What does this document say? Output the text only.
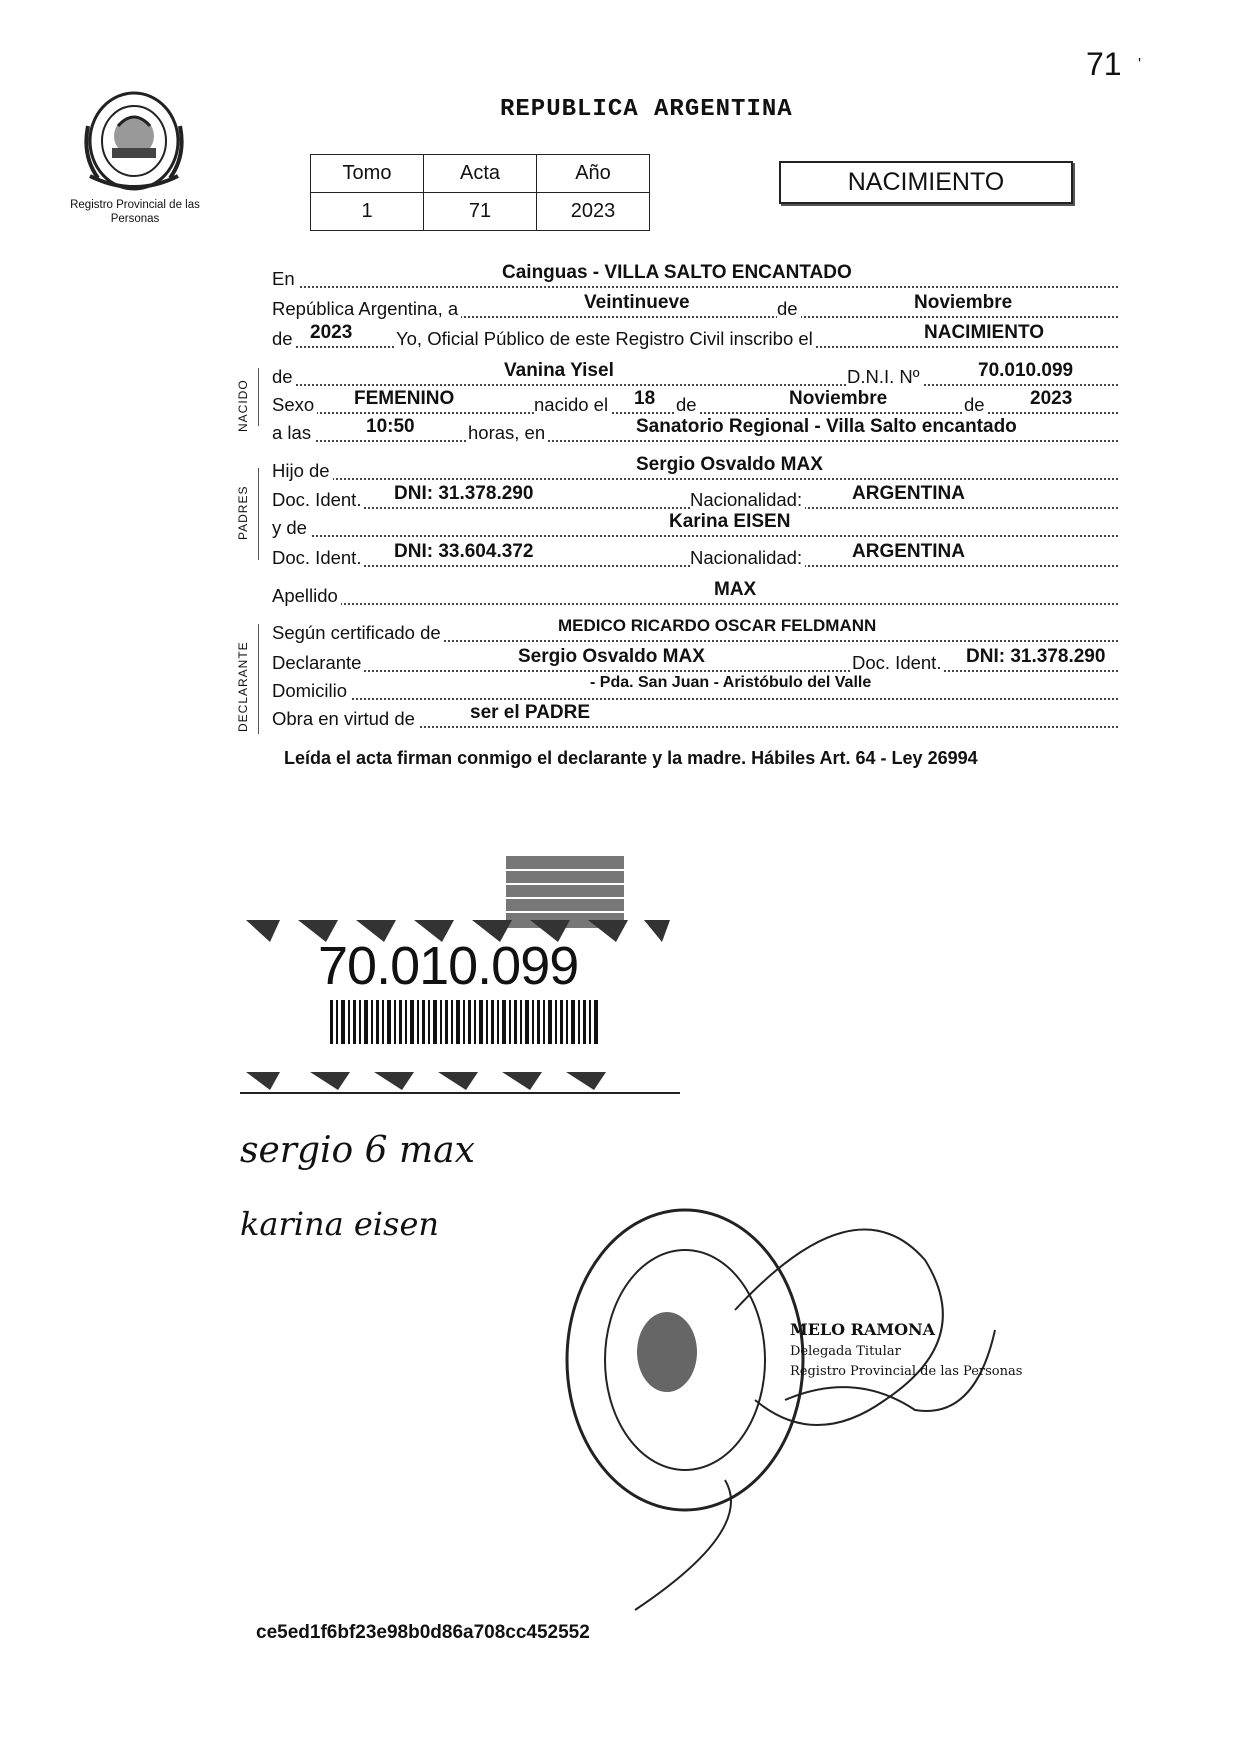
71 '
Registro Provincial de las Personas
REPUBLICA ARGENTINA
Tomo	Acta	Año
1	71	2023
NACIMIENTO
En	Cainguas - VILLA SALTO ENCANTADO
República Argentina, a	Veintinueve	de	Noviembre
de 2023 Yo, Oficial Público de este Registro Civil inscribo el	NACIMIENTO
de	Vanina Yisel	D.N.I. Nº	70.010.099
Sexo FEMENINO	nacido el 18 de	Noviembre	de 2023
a las	10:50	horas, en	Sanatorio Regional - Villa Salto encantado
Hijo de	Sergio Osvaldo MAX
Doc. Ident. DNI: 31.378.290	Nacionalidad:	ARGENTINA
y de	Karina EISEN
Doc. Ident. DNI: 33.604.372	Nacionalidad:	ARGENTINA
Apellido	MAX
Según certificado de	MEDICO RICARDO OSCAR FELDMANN
Declarante	Sergio Osvaldo MAX	Doc. Ident. DNI: 31.378.290
Domicilio	- Pda. San Juan - Aristóbulo del Valle
Obra en virtud de	ser el PADRE
NACIDO
PADRES
DECLARANTE
Leída el acta firman conmigo el declarante y la madre. Hábiles Art. 64 - Ley 26994
70.010.099
sergio 6 max
karina eisen
MELO RAMONA
Delegada Titular
Registro Provincial de las Personas
ce5ed1f6bf23e98b0d86a708cc452552
